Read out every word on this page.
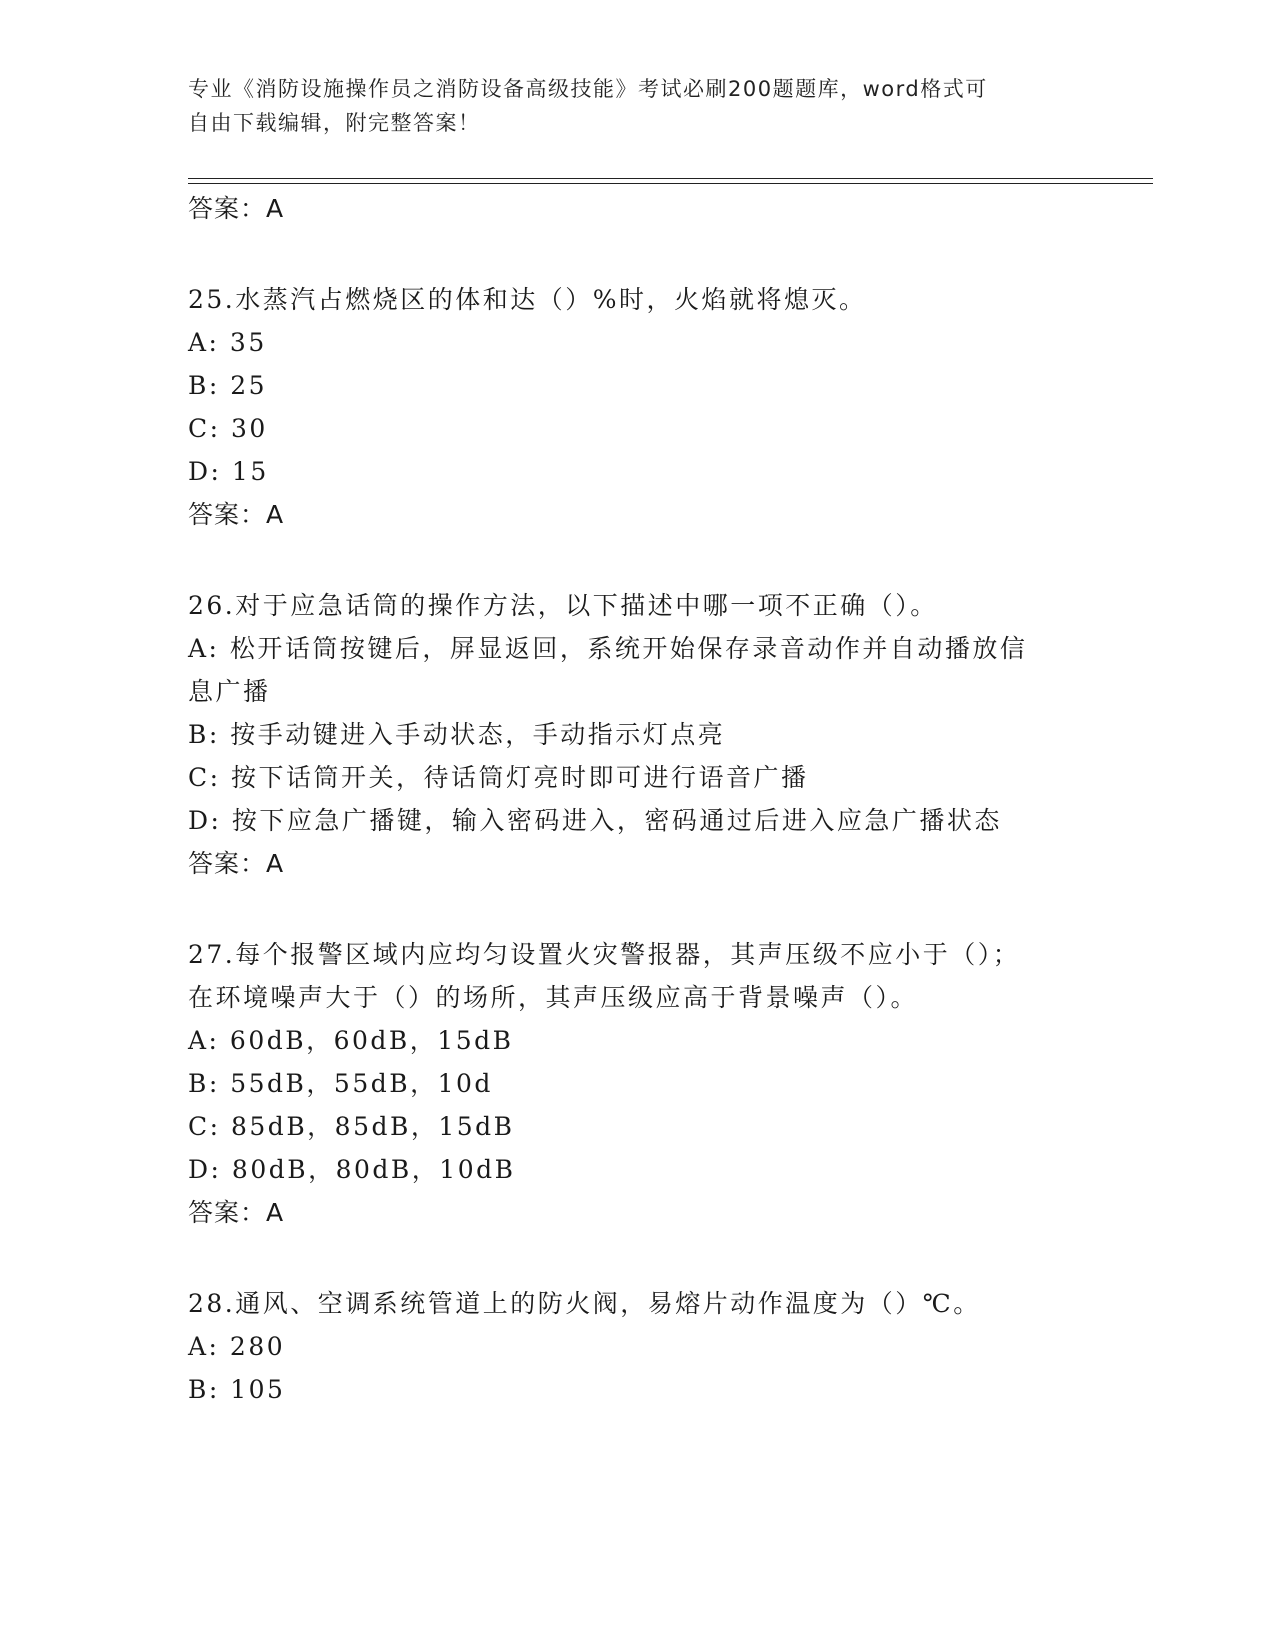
专业《消防设施操作员之消防设备高级技能》考试必刷200题题库，word格式可
自由下载编辑，附完整答案！
答案：A
25.水蒸汽占燃烧区的体和达（）%时，火焰就将熄灭。
A: 35
B: 25
C: 30
D: 15
答案：A
26.对于应急话筒的操作方法，以下描述中哪一项不正确（）。
A: 松开话筒按键后，屏显返回，系统开始保存录音动作并自动播放信
息广播
B: 按手动键进入手动状态，手动指示灯点亮
C: 按下话筒开关，待话筒灯亮时即可进行语音广播
D: 按下应急广播键，输入密码进入，密码通过后进入应急广播状态
答案：A
27.每个报警区域内应均匀设置火灾警报器，其声压级不应小于（）；
在环境噪声大于（）的场所，其声压级应高于背景噪声（）。
A: 60dB，60dB，15dB
B: 55dB，55dB，10d
C: 85dB，85dB，15dB
D: 80dB，80dB，10dB
答案：A
28.通风、空调系统管道上的防火阀，易熔片动作温度为（）℃。
A: 280
B: 105
